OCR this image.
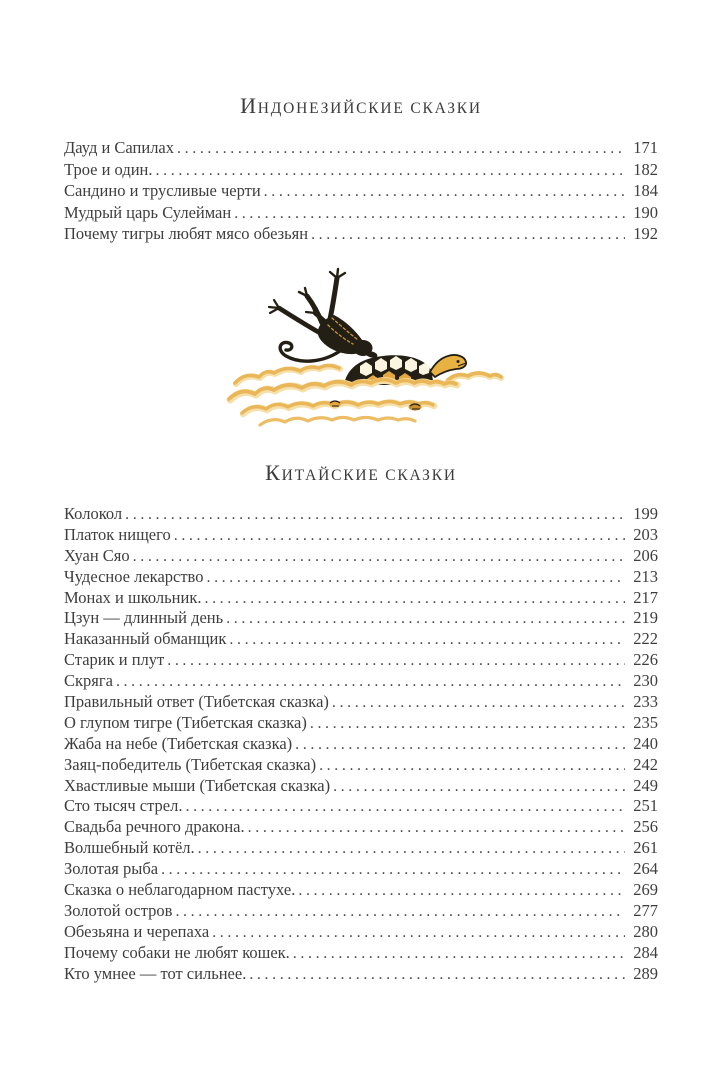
ИНДОНЕЗИЙСКИЕ СКАЗКИ
Дауд и Сапилах .....	171
Трое и один. .....	182
Сандино и трусливые черти .....	184
Мудрый царь Сулейман .....	190
Почему тигры любят мясо обезьян .....	192
КИТАЙСКИЕ СКАЗКИ
Колокол .....	199
Платок нищего .....	203
Хуан Сяо .....	206
Чудесное лекарство .....	213
Монах и школьник. .....	217
Цзун — длинный день .....	219
Наказанный обманщик .....	222
Старик и плут .....	226
Скряга .....	230
Правильный ответ (Тибетская сказка) .....	233
О глупом тигре (Тибетская сказка) .....	235
Жаба на небе (Тибетская сказка) .....	240
Заяц-победитель (Тибетская сказка) .....	242
Хвастливые мыши (Тибетская сказка) .....	249
Сто тысяч стрел. .....	251
Свадьба речного дракона. .....	256
Волшебный котёл. .....	261
Золотая рыба .....	264
Сказка о неблагодарном пастухе. .....	269
Золотой остров .....	277
Обезьяна и черепаха .....	280
Почему собаки не любят кошек. .....	284
Кто умнее — тот сильнее. .....	289
